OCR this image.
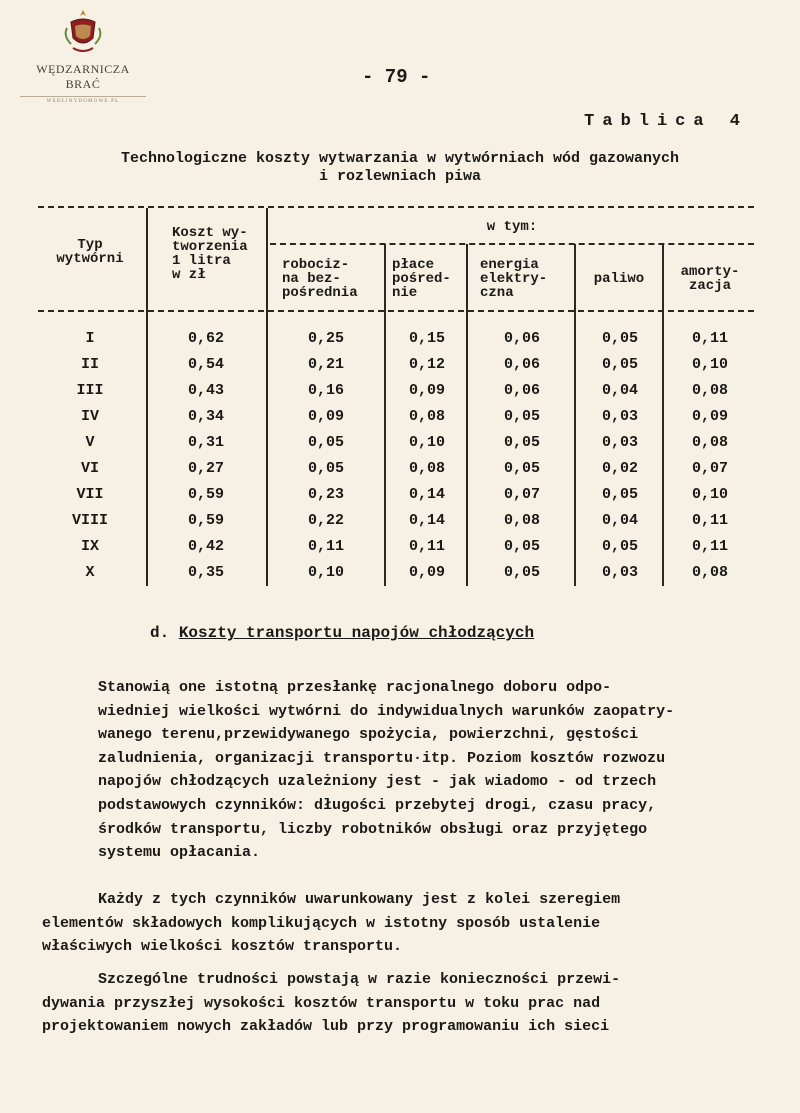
WĘDZARNICZA BRAĆ
WEDLINYDOMOWE.PL
- 79 -
Tablica 4
Technologiczne koszty wytwarzania w wytwórniach wód gazowanych
i rozlewniach piwa
Typ
wytwórni
Koszt wy-
tworzenia
1 litra
w zł
w tym:
robociz-
na bez-
pośrednia
płace
pośred-
nie
energia
elektry-
czna
paliwo	amorty-
zacja
I	0,62	0,25	0,15	0,06	0,05	0,11
II	0,54	0,21	0,12	0,06	0,05	0,10
III	0,43	0,16	0,09	0,06	0,04	0,08
IV	0,34	0,09	0,08	0,05	0,03	0,09
V	0,31	0,05	0,10	0,05	0,03	0,08
VI	0,27	0,05	0,08	0,05	0,02	0,07
VII	0,59	0,23	0,14	0,07	0,05	0,10
VIII	0,59	0,22	0,14	0,08	0,04	0,11
IX	0,42	0,11	0,11	0,05	0,05	0,11
X	0,35	0,10	0,09	0,05	0,03	0,08
d. Koszty transportu napojów chłodzących
Stanowią one istotną przesłankę racjonalnego doboru odpo-
wiedniej wielkości wytwórni do indywidualnych warunków zaopatry-
wanego terenu,przewidywanego spożycia, powierzchni, gęstości
zaludnienia, organizacji transportu·itp. Poziom kosztów rozwozu
napojów chłodzących uzależniony jest - jak wiadomo - od trzech
podstawowych czynników: długości przebytej drogi, czasu pracy,
środków transportu, liczby robotników obsługi oraz przyjętego
systemu opłacania.
Każdy z tych czynników uwarunkowany jest z kolei szeregiem
elementów składowych komplikujących w istotny sposób ustalenie
właściwych wielkości kosztów transportu.
Szczególne trudności powstają w razie konieczności przewi-
dywania przyszłej wysokości kosztów transportu w toku prac nad
projektowaniem nowych zakładów lub przy programowaniu ich sieci
